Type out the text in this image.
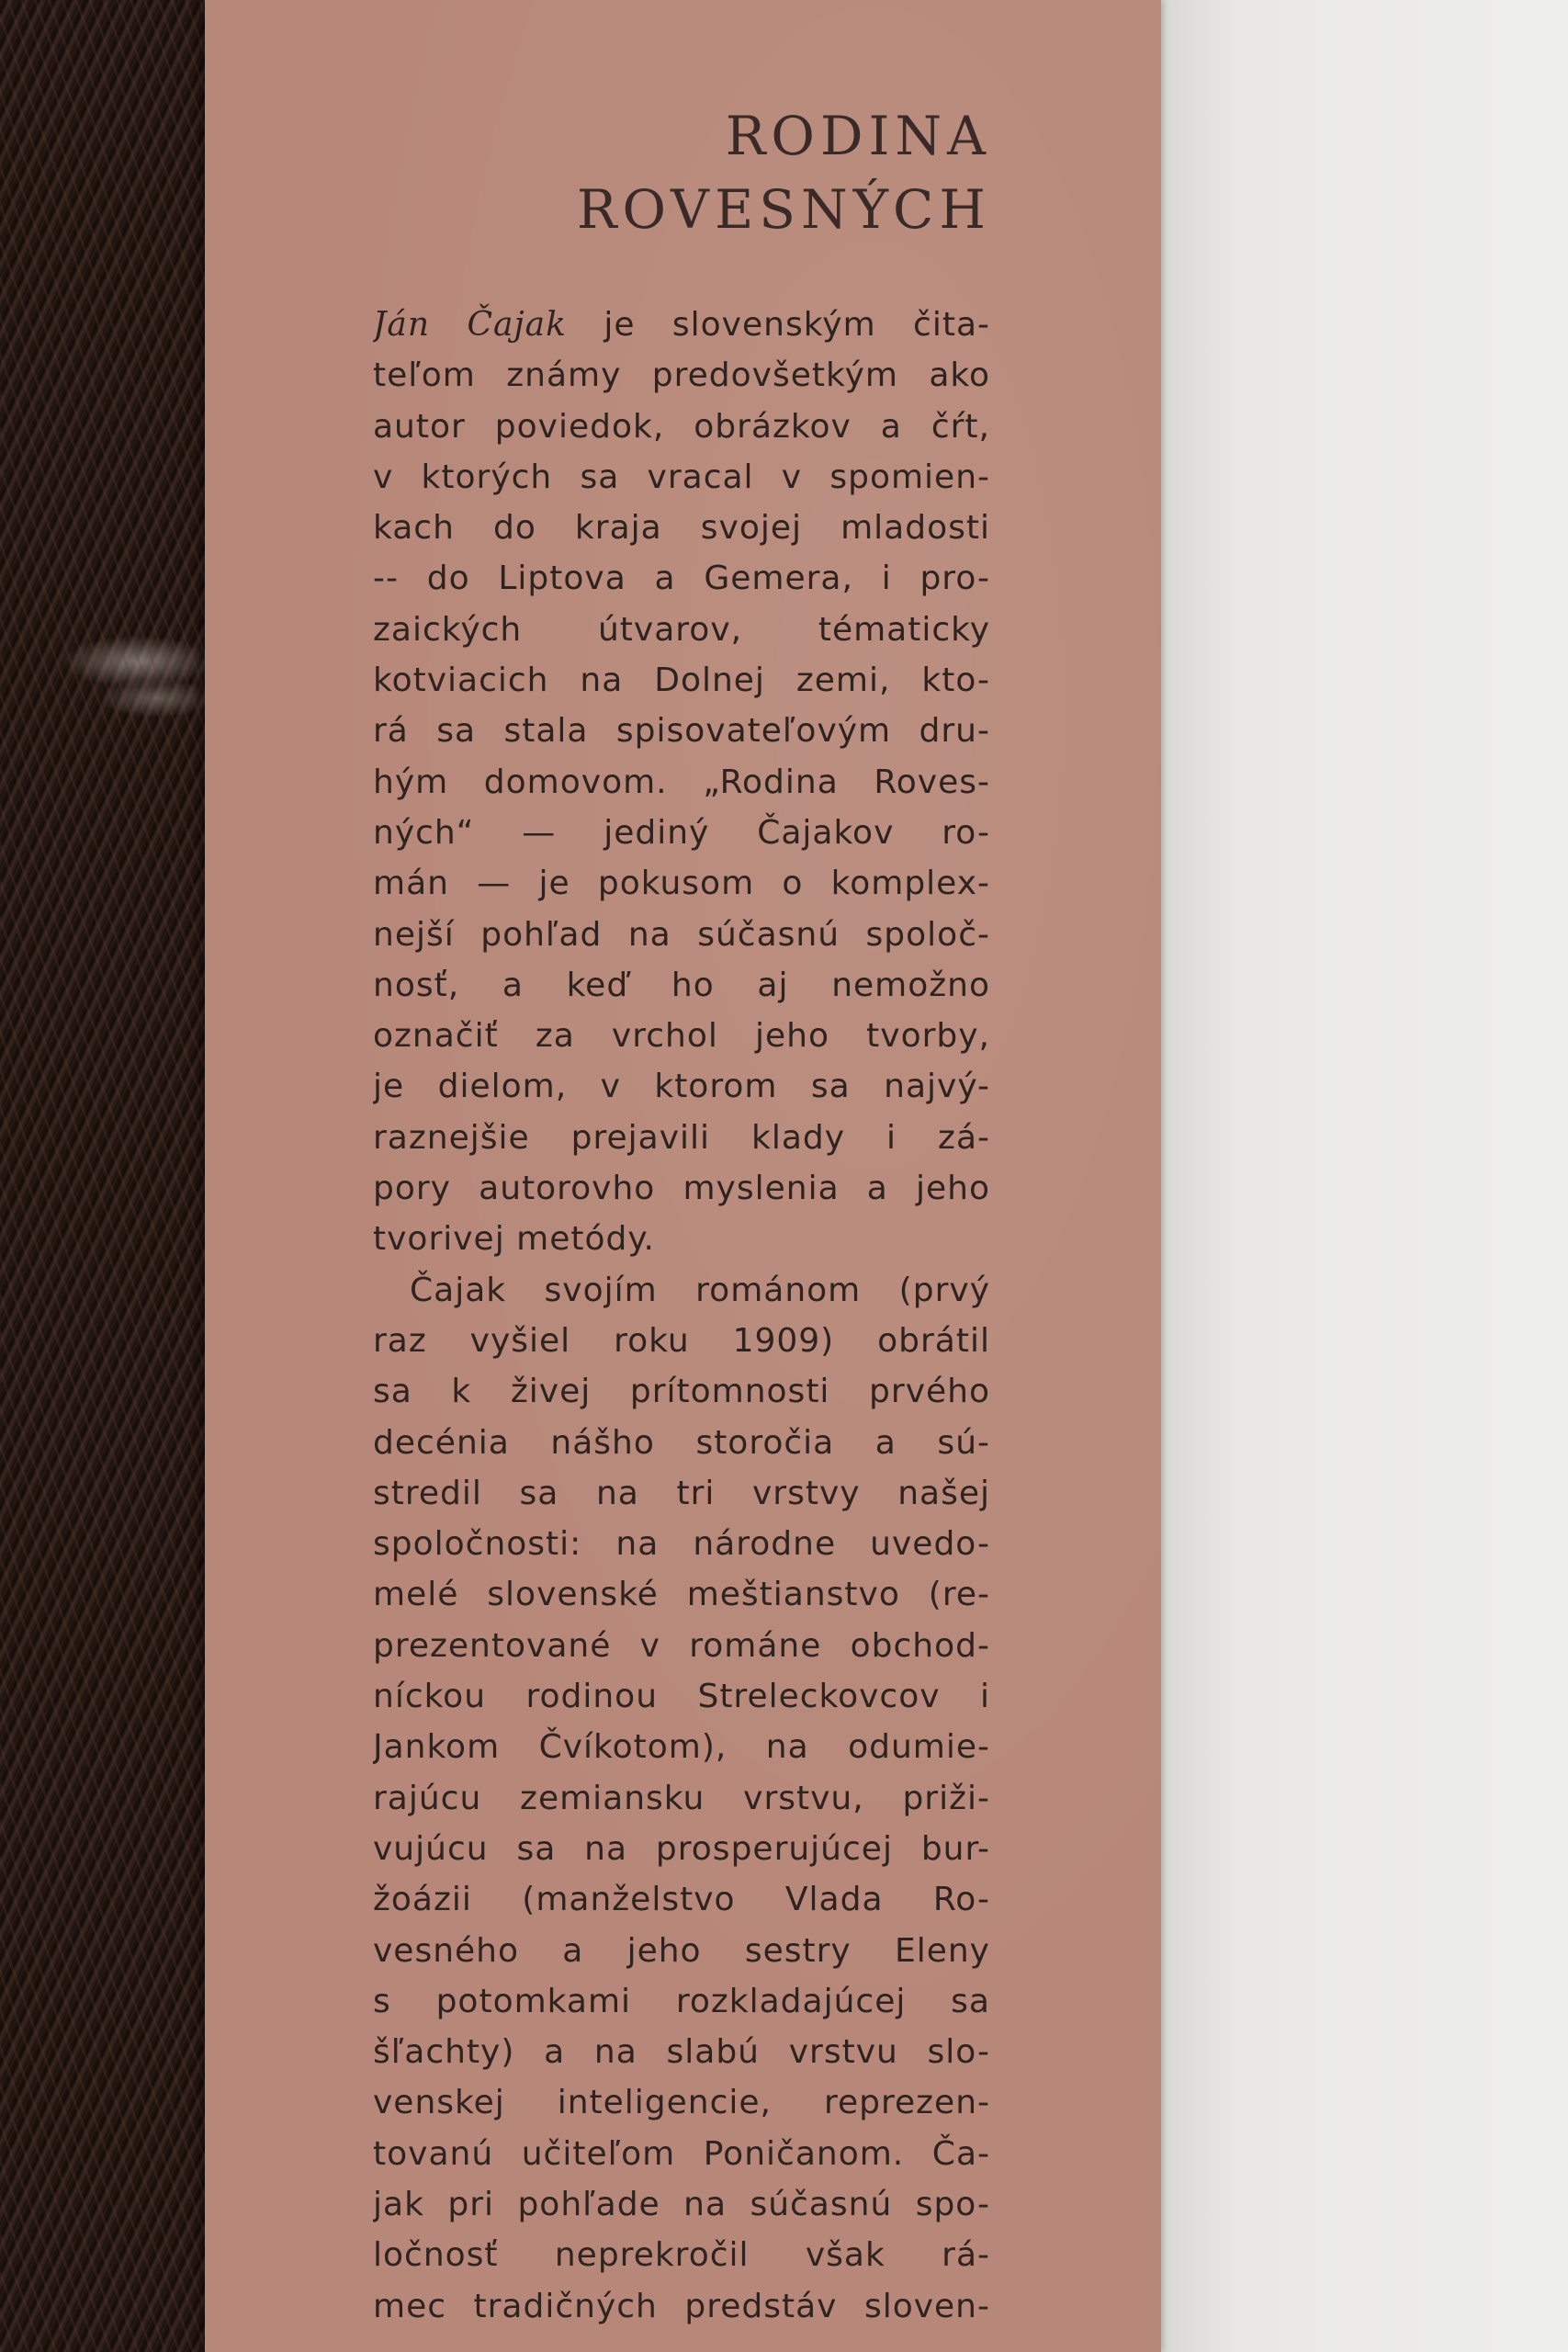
RODINA
ROVESNÝCH
Ján Čajak je slovenským čita-
teľom známy predovšetkým ako
autor poviedok, obrázkov a čŕt,
v ktorých sa vracal v spomien-
kach do kraja svojej mladosti
-- do Liptova a Gemera, i pro-
zaických útvarov, tématicky
kotviacich na Dolnej zemi, kto-
rá sa stala spisovateľovým dru-
hým domovom. „Rodina Roves-
ných“ — jediný Čajakov ro-
mán — je pokusom o komplex-
nejší pohľad na súčasnú spoloč-
nosť, a keď ho aj nemožno
označiť za vrchol jeho tvorby,
je dielom, v ktorom sa najvý-
raznejšie prejavili klady i zá-
pory autorovho myslenia a jeho
tvorivej metódy.
Čajak svojím románom (prvý
raz vyšiel roku 1909) obrátil
sa k živej prítomnosti prvého
decénia nášho storočia a sú-
stredil sa na tri vrstvy našej
spoločnosti: na národne uvedo-
melé slovenské meštianstvo (re-
prezentované v románe obchod-
níckou rodinou Streleckovcov i
Jankom Čvíkotom), na odumie-
rajúcu zemiansku vrstvu, priži-
vujúcu sa na prosperujúcej bur-
žoázii (manželstvo Vlada Ro-
vesného a jeho sestry Eleny
s potomkami rozkladajúcej sa
šľachty) a na slabú vrstvu slo-
venskej inteligencie, reprezen-
tovanú učiteľom Poničanom. Ča-
jak pri pohľade na súčasnú spo-
ločnosť neprekročil však rá-
mec tradičných predstáv sloven-
